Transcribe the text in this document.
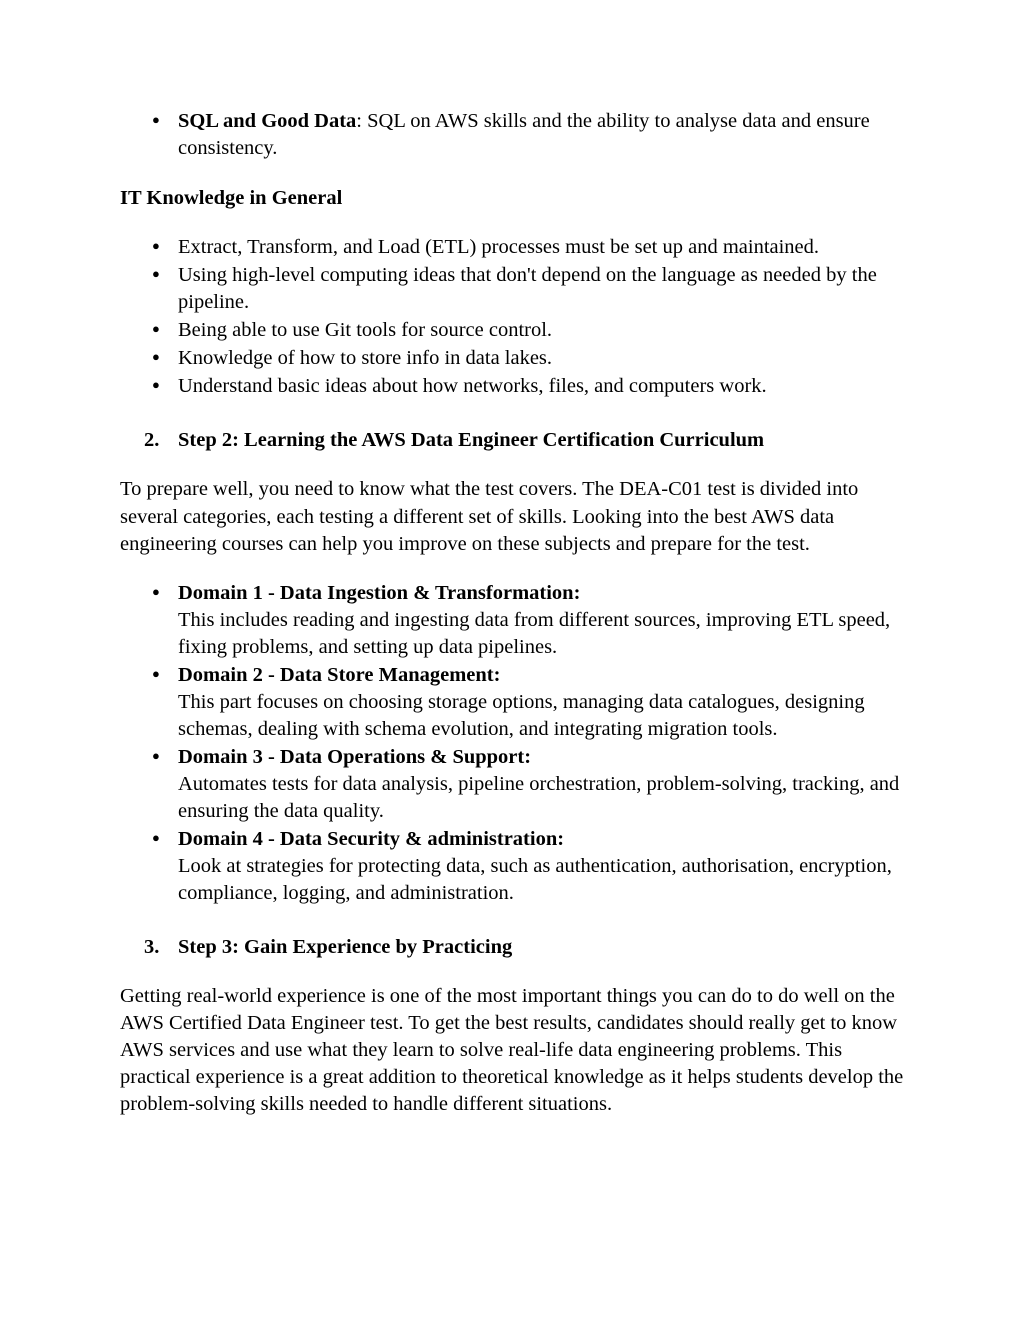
● SQL and Good Data: SQL on AWS skills and the ability to analyse data and ensure consistency.

IT Knowledge in General

● Extract, Transform, and Load (ETL) processes must be set up and maintained.
● Using high-level computing ideas that don't depend on the language as needed by the pipeline.
● Being able to use Git tools for source control.
● Knowledge of how to store info in data lakes.
● Understand basic ideas about how networks, files, and computers work.
2. Step 2: Learning the AWS Data Engineer Certification Curriculum

To prepare well, you need to know what the test covers. The DEA-C01 test is divided into several categories, each testing a different set of skills. Looking into the best AWS data engineering courses can help you improve on these subjects and prepare for the test.

● Domain 1 - Data Ingestion & Transformation:
This includes reading and ingesting data from different sources, improving ETL speed, fixing problems, and setting up data pipelines.
● Domain 2 - Data Store Management:
This part focuses on choosing storage options, managing data catalogues, designing schemas, dealing with schema evolution, and integrating migration tools.
● Domain 3 - Data Operations & Support:
Automates tests for data analysis, pipeline orchestration, problem-solving, tracking, and ensuring the data quality.
● Domain 4 - Data Security & administration:
Look at strategies for protecting data, such as authentication, authorisation, encryption, compliance, logging, and administration.
3. Step 3: Gain Experience by Practicing

Getting real-world experience is one of the most important things you can do to do well on the AWS Certified Data Engineer test. To get the best results, candidates should really get to know AWS services and use what they learn to solve real-life data engineering problems. This practical experience is a great addition to theoretical knowledge as it helps students develop the problem-solving skills needed to handle different situations.
